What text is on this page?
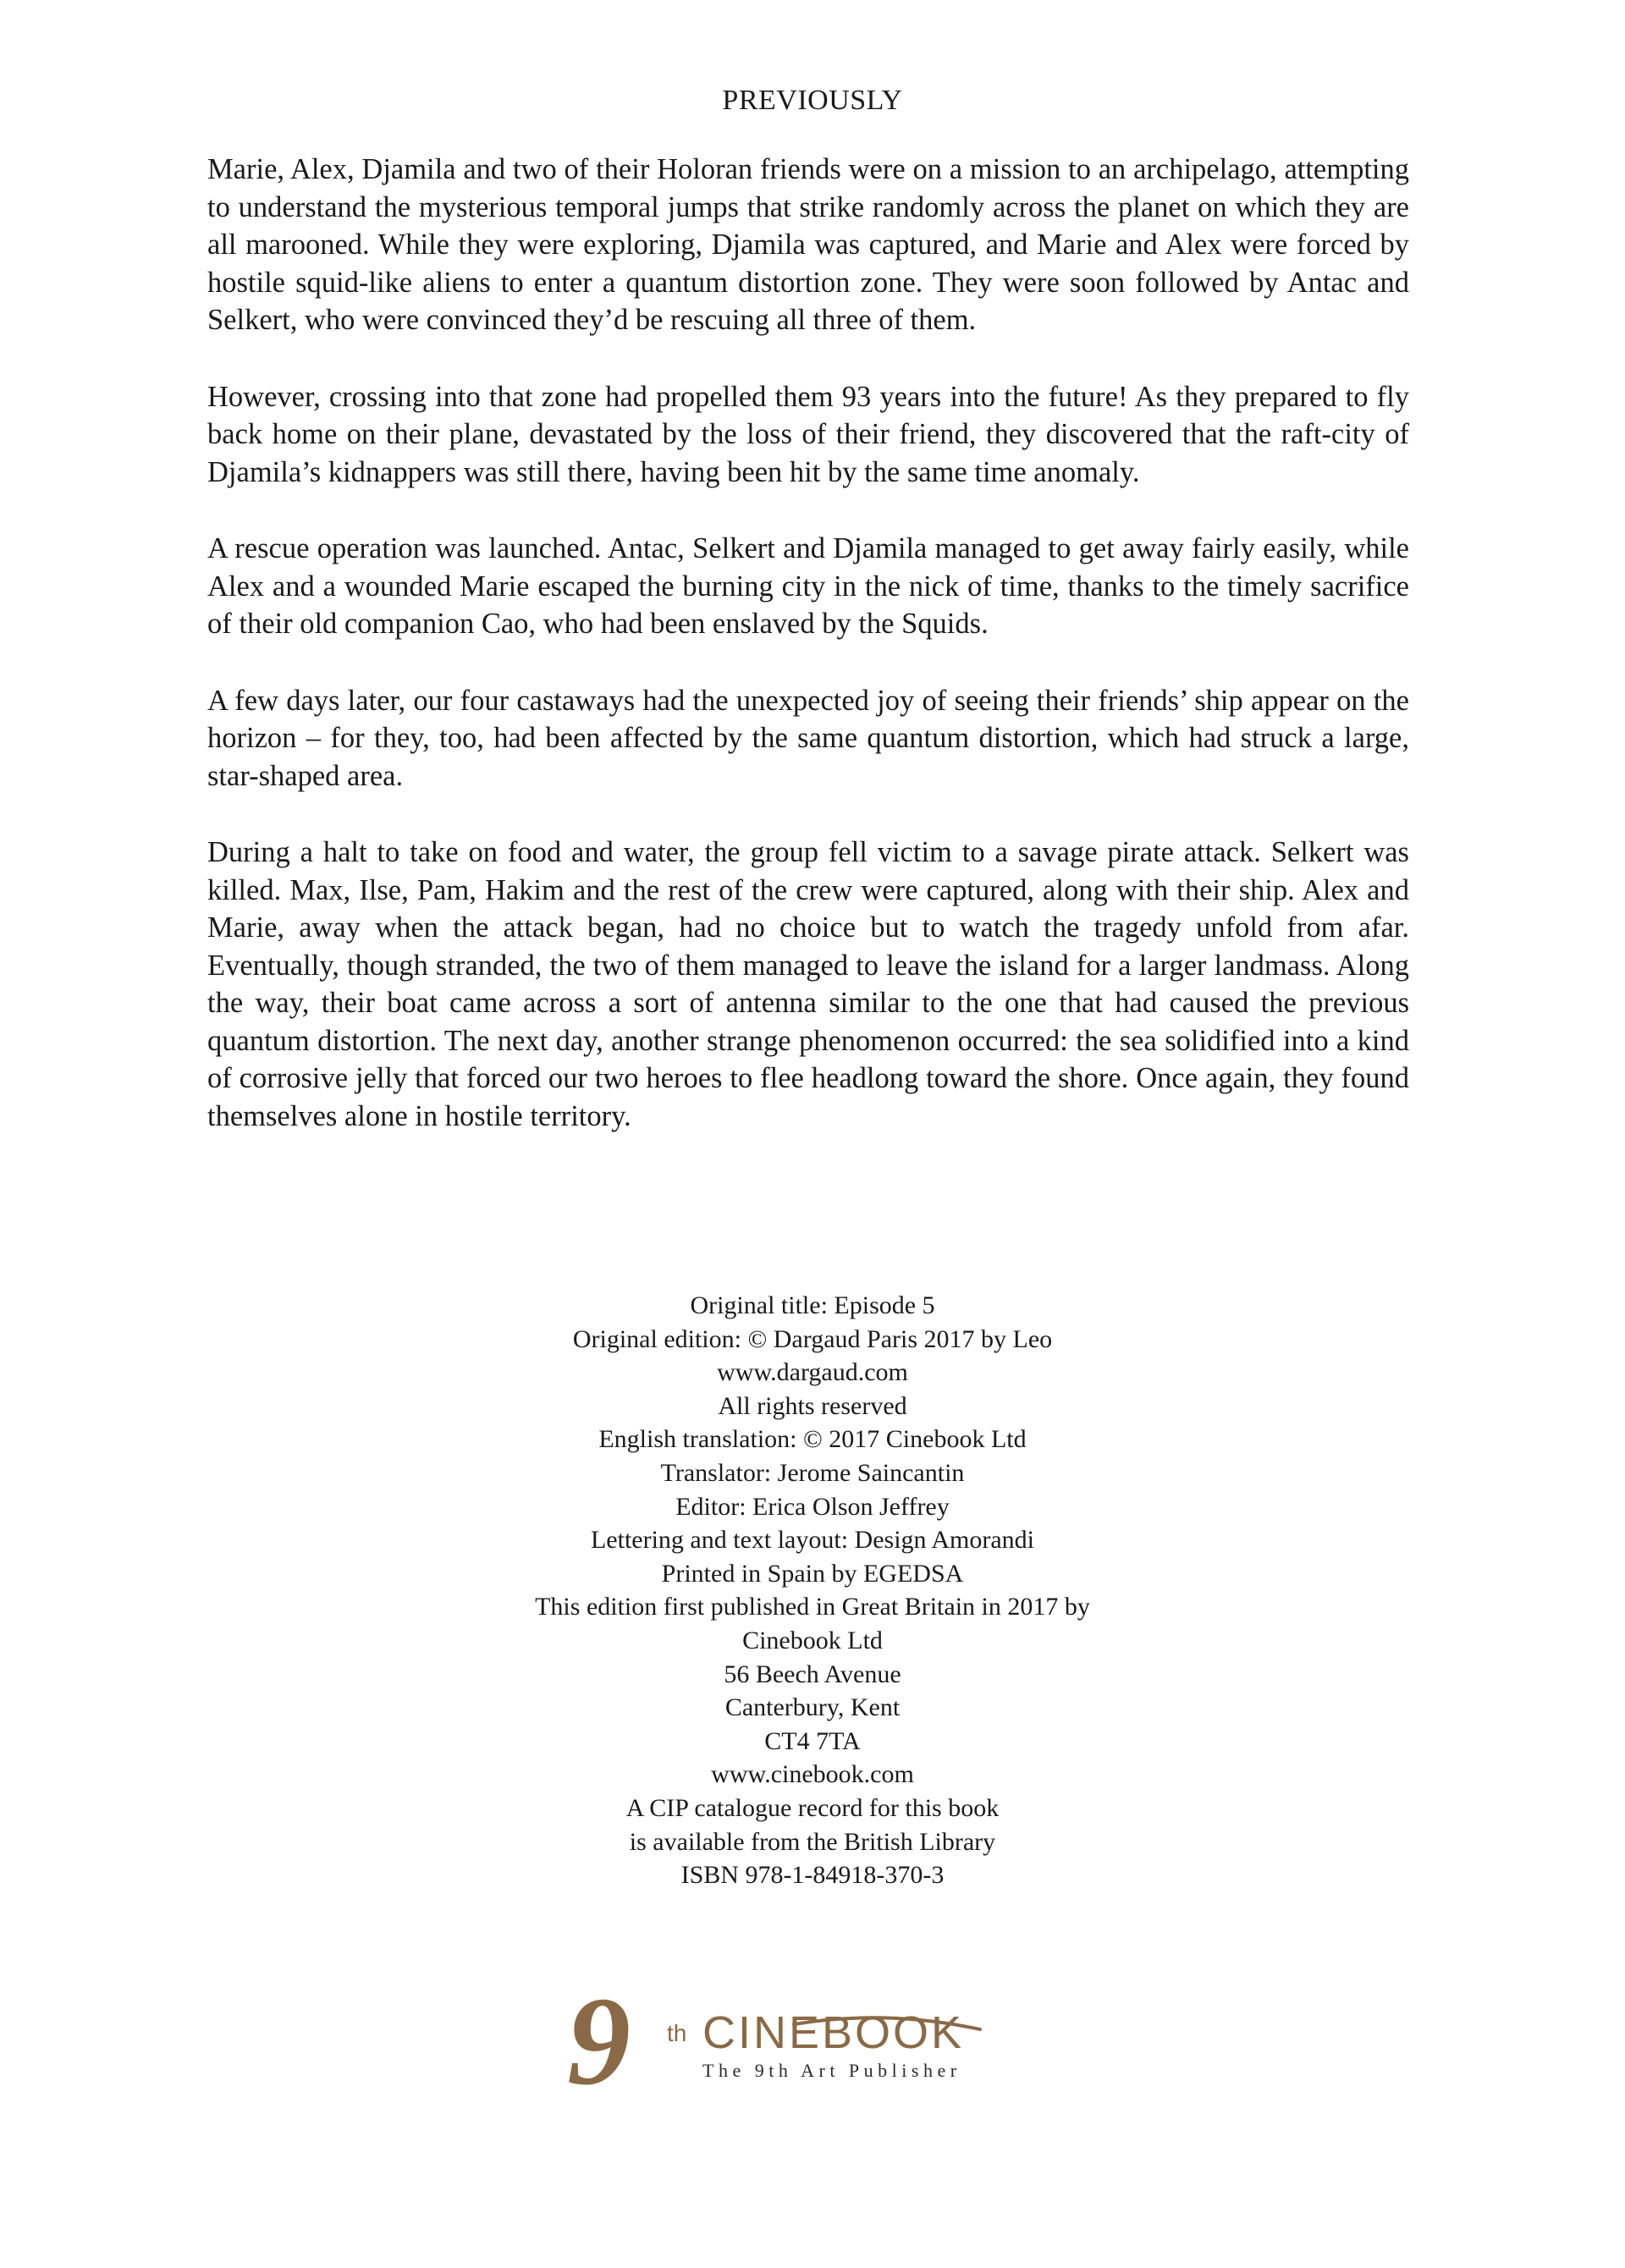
PREVIOUSLY

Marie, Alex, Djamila and two of their Holoran friends were on a mission to an archipelago, attempting to understand the mysterious temporal jumps that strike randomly across the planet on which they are all marooned. While they were exploring, Djamila was captured, and Marie and Alex were forced by hostile squid-like aliens to enter a quantum distortion zone. They were soon followed by Antac and Selkert, who were convinced they’d be rescuing all three of them.

However, crossing into that zone had propelled them 93 years into the future! As they prepared to fly back home on their plane, devastated by the loss of their friend, they discovered that the raft-city of Djamila’s kidnappers was still there, having been hit by the same time anomaly.

A rescue operation was launched. Antac, Selkert and Djamila managed to get away fairly easily, while Alex and a wounded Marie escaped the burning city in the nick of time, thanks to the timely sacrifice of their old companion Cao, who had been enslaved by the Squids.

A few days later, our four castaways had the unexpected joy of seeing their friends’ ship appear on the horizon – for they, too, had been affected by the same quantum distortion, which had struck a large, star-shaped area.

During a halt to take on food and water, the group fell victim to a savage pirate attack. Selkert was killed. Max, Ilse, Pam, Hakim and the rest of the crew were captured, along with their ship. Alex and Marie, away when the attack began, had no choice but to watch the tragedy unfold from afar. Eventually, though stranded, the two of them managed to leave the island for a larger landmass. Along the way, their boat came across a sort of antenna similar to the one that had caused the previous quantum distortion. The next day, another strange phenomenon occurred: the sea solidified into a kind of corrosive jelly that forced our two heroes to flee headlong toward the shore. Once again, they found themselves alone in hostile territory.

Original title: Episode 5
Original edition: © Dargaud Paris 2017 by Leo
www.dargaud.com
All rights reserved
English translation: © 2017 Cinebook Ltd
Translator: Jerome Saincantin
Editor: Erica Olson Jeffrey
Lettering and text layout: Design Amorandi
Printed in Spain by EGEDSA
This edition first published in Great Britain in 2017 by
Cinebook Ltd
56 Beech Avenue
Canterbury, Kent
CT4 7TA
www.cinebook.com
A CIP catalogue record for this book
is available from the British Library
ISBN 978-1-84918-370-3
9 th CINEBOOK
The 9th Art Publisher
